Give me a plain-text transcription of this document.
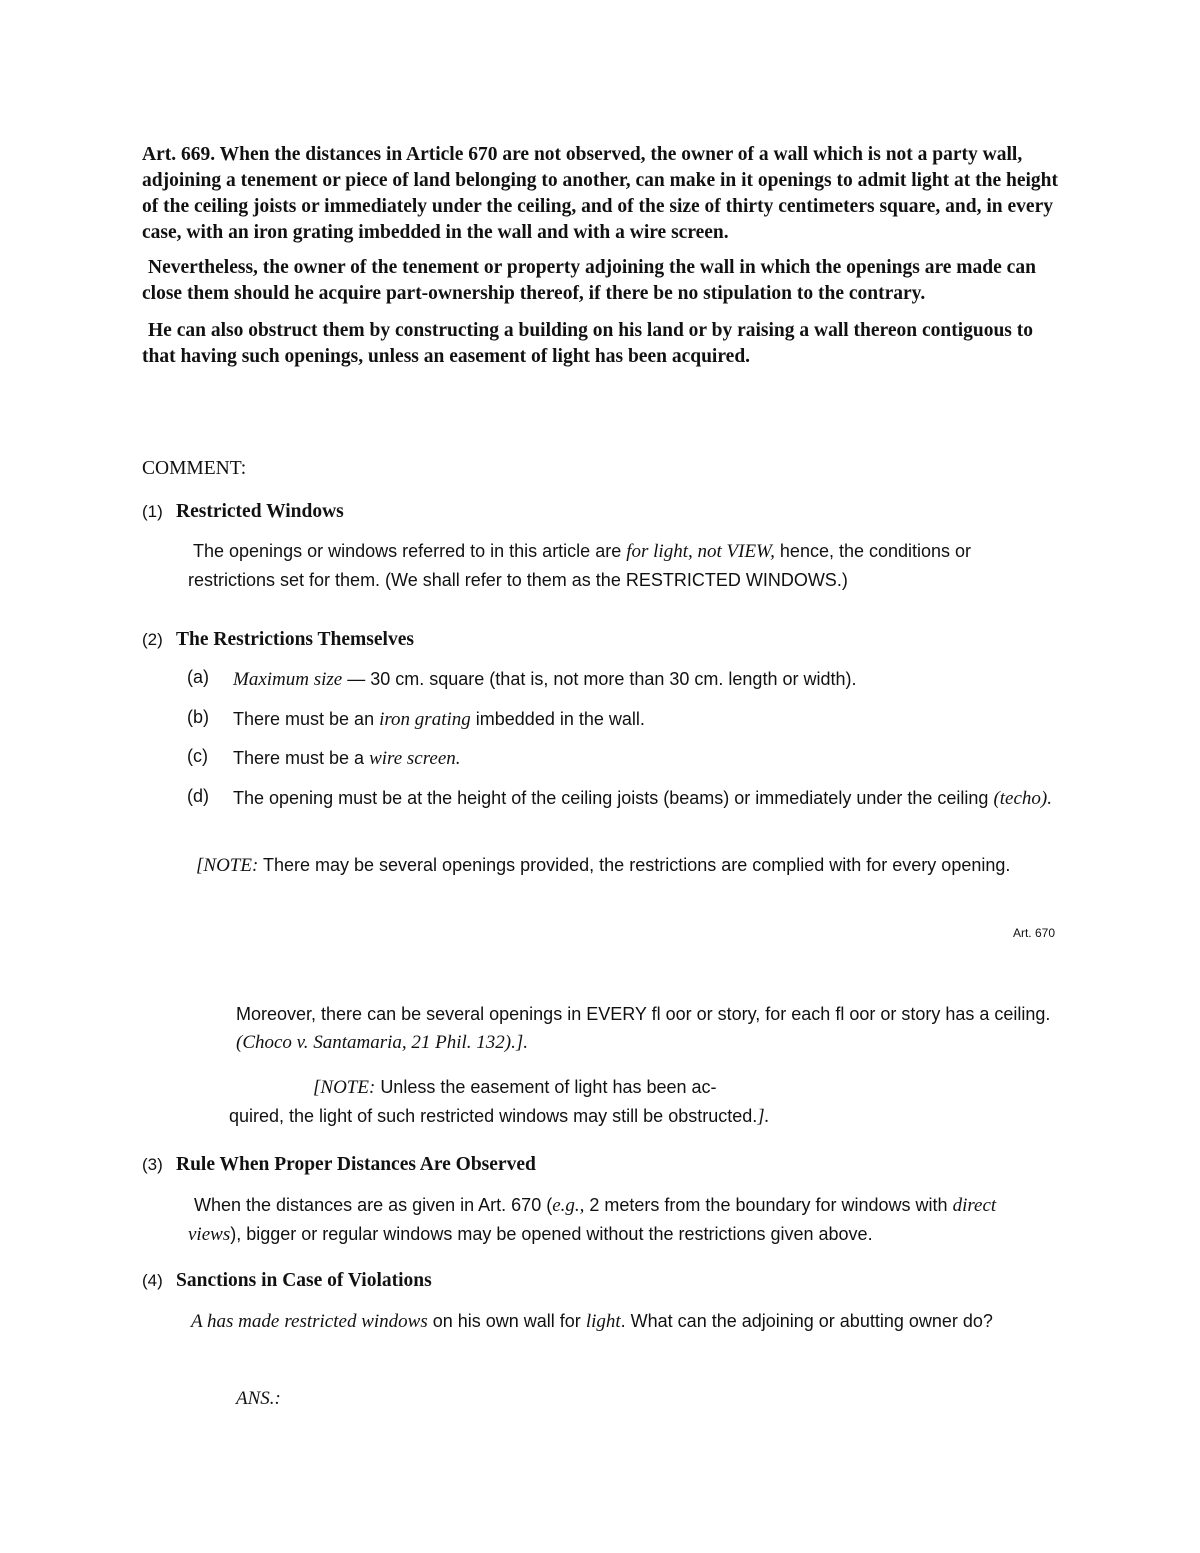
Art. 669. When the distances in Article 670 are not observed, the owner of a wall which is not a party wall, adjoining a tenement or piece of land belonging to another, can make in it openings to admit light at the height of the ceiling joists or immediately under the ceiling, and of the size of thirty centimeters square, and, in every case, with an iron grating imbedded in the wall and with a wire screen.

Nevertheless, the owner of the tenement or property adjoining the wall in which the openings are made can close them should he acquire part-ownership thereof, if there be no stipulation to the contrary.

He can also obstruct them by constructing a building on his land or by raising a wall thereon contiguous to that having such openings, unless an easement of light has been acquired.

COMMENT:
(1) Restricted Windows
The openings or windows referred to in this article are for light, not VIEW, hence, the conditions or restrictions set for them. (We shall refer to them as the RESTRICTED WINDOWS.)
(2) The Restrictions Themselves
(a)	Maximum size — 30 cm. square (that is, not more than 30 cm. length or width).
(b)	There must be an iron grating imbedded in the wall.
(c)	There must be a wire screen.
(d)	The opening must be at the height of the ceiling joists (beams) or immediately under the ceiling (techo).
[NOTE: There may be several openings provided, the restrictions are complied with for every opening.
Art. 670
Moreover, there can be several openings in EVERY fl oor or story, for each fl oor or story has a ceiling. (Choco v. Santamaria, 21 Phil. 132).].
[NOTE: Unless the easement of light has been ac-
quired, the light of such restricted windows may still be obstructed.].
(3) Rule When Proper Distances Are Observed
When the distances are as given in Art. 670 (e.g., 2 meters from the boundary for windows with direct views), bigger or regular windows may be opened without the restrictions given above.
(4) Sanctions in Case of Violations
A has made restricted windows on his own wall for light. What can the adjoining or abutting owner do?
ANS.:
